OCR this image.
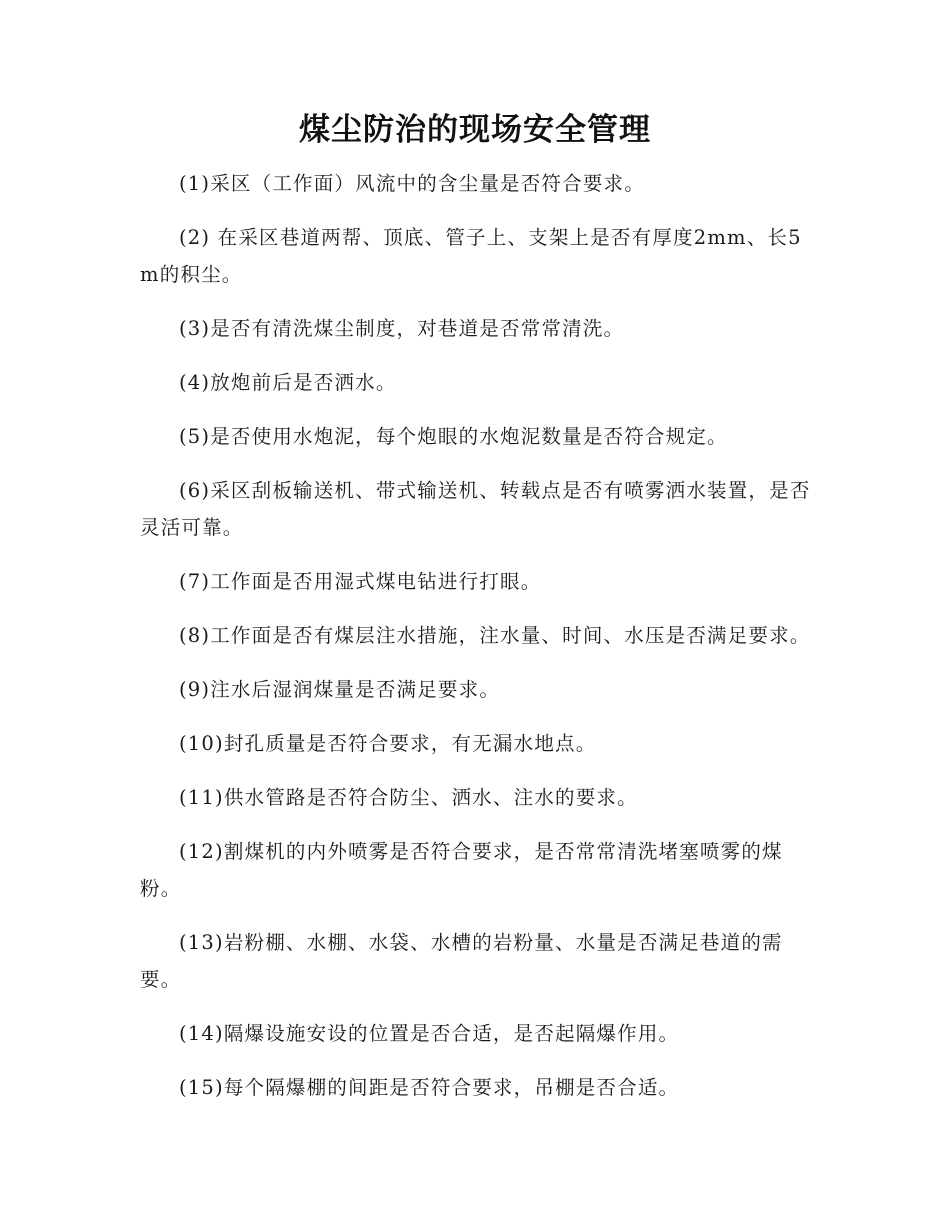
煤尘防治的现场安全管理

(1)采区（工作面）风流中的含尘量是否符合要求。

(2) 在采区巷道两帮、顶底、管子上、支架上是否有厚度2mm、长5m的积尘。

(3)是否有清洗煤尘制度，对巷道是否常常清洗。

(4)放炮前后是否洒水。

(5)是否使用水炮泥，每个炮眼的水炮泥数量是否符合规定。

(6)采区刮板输送机、带式输送机、转载点是否有喷雾洒水装置，是否灵活可靠。

(7)工作面是否用湿式煤电钻进行打眼。

(8)工作面是否有煤层注水措施，注水量、时间、水压是否满足要求。

(9)注水后湿润煤量是否满足要求。

(10)封孔质量是否符合要求，有无漏水地点。

(11)供水管路是否符合防尘、洒水、注水的要求。

(12)割煤机的内外喷雾是否符合要求，是否常常清洗堵塞喷雾的煤粉。

(13)岩粉棚、水棚、水袋、水槽的岩粉量、水量是否满足巷道的需要。

(14)隔爆设施安设的位置是否合适，是否起隔爆作用。

(15)每个隔爆棚的间距是否符合要求，吊棚是否合适。
